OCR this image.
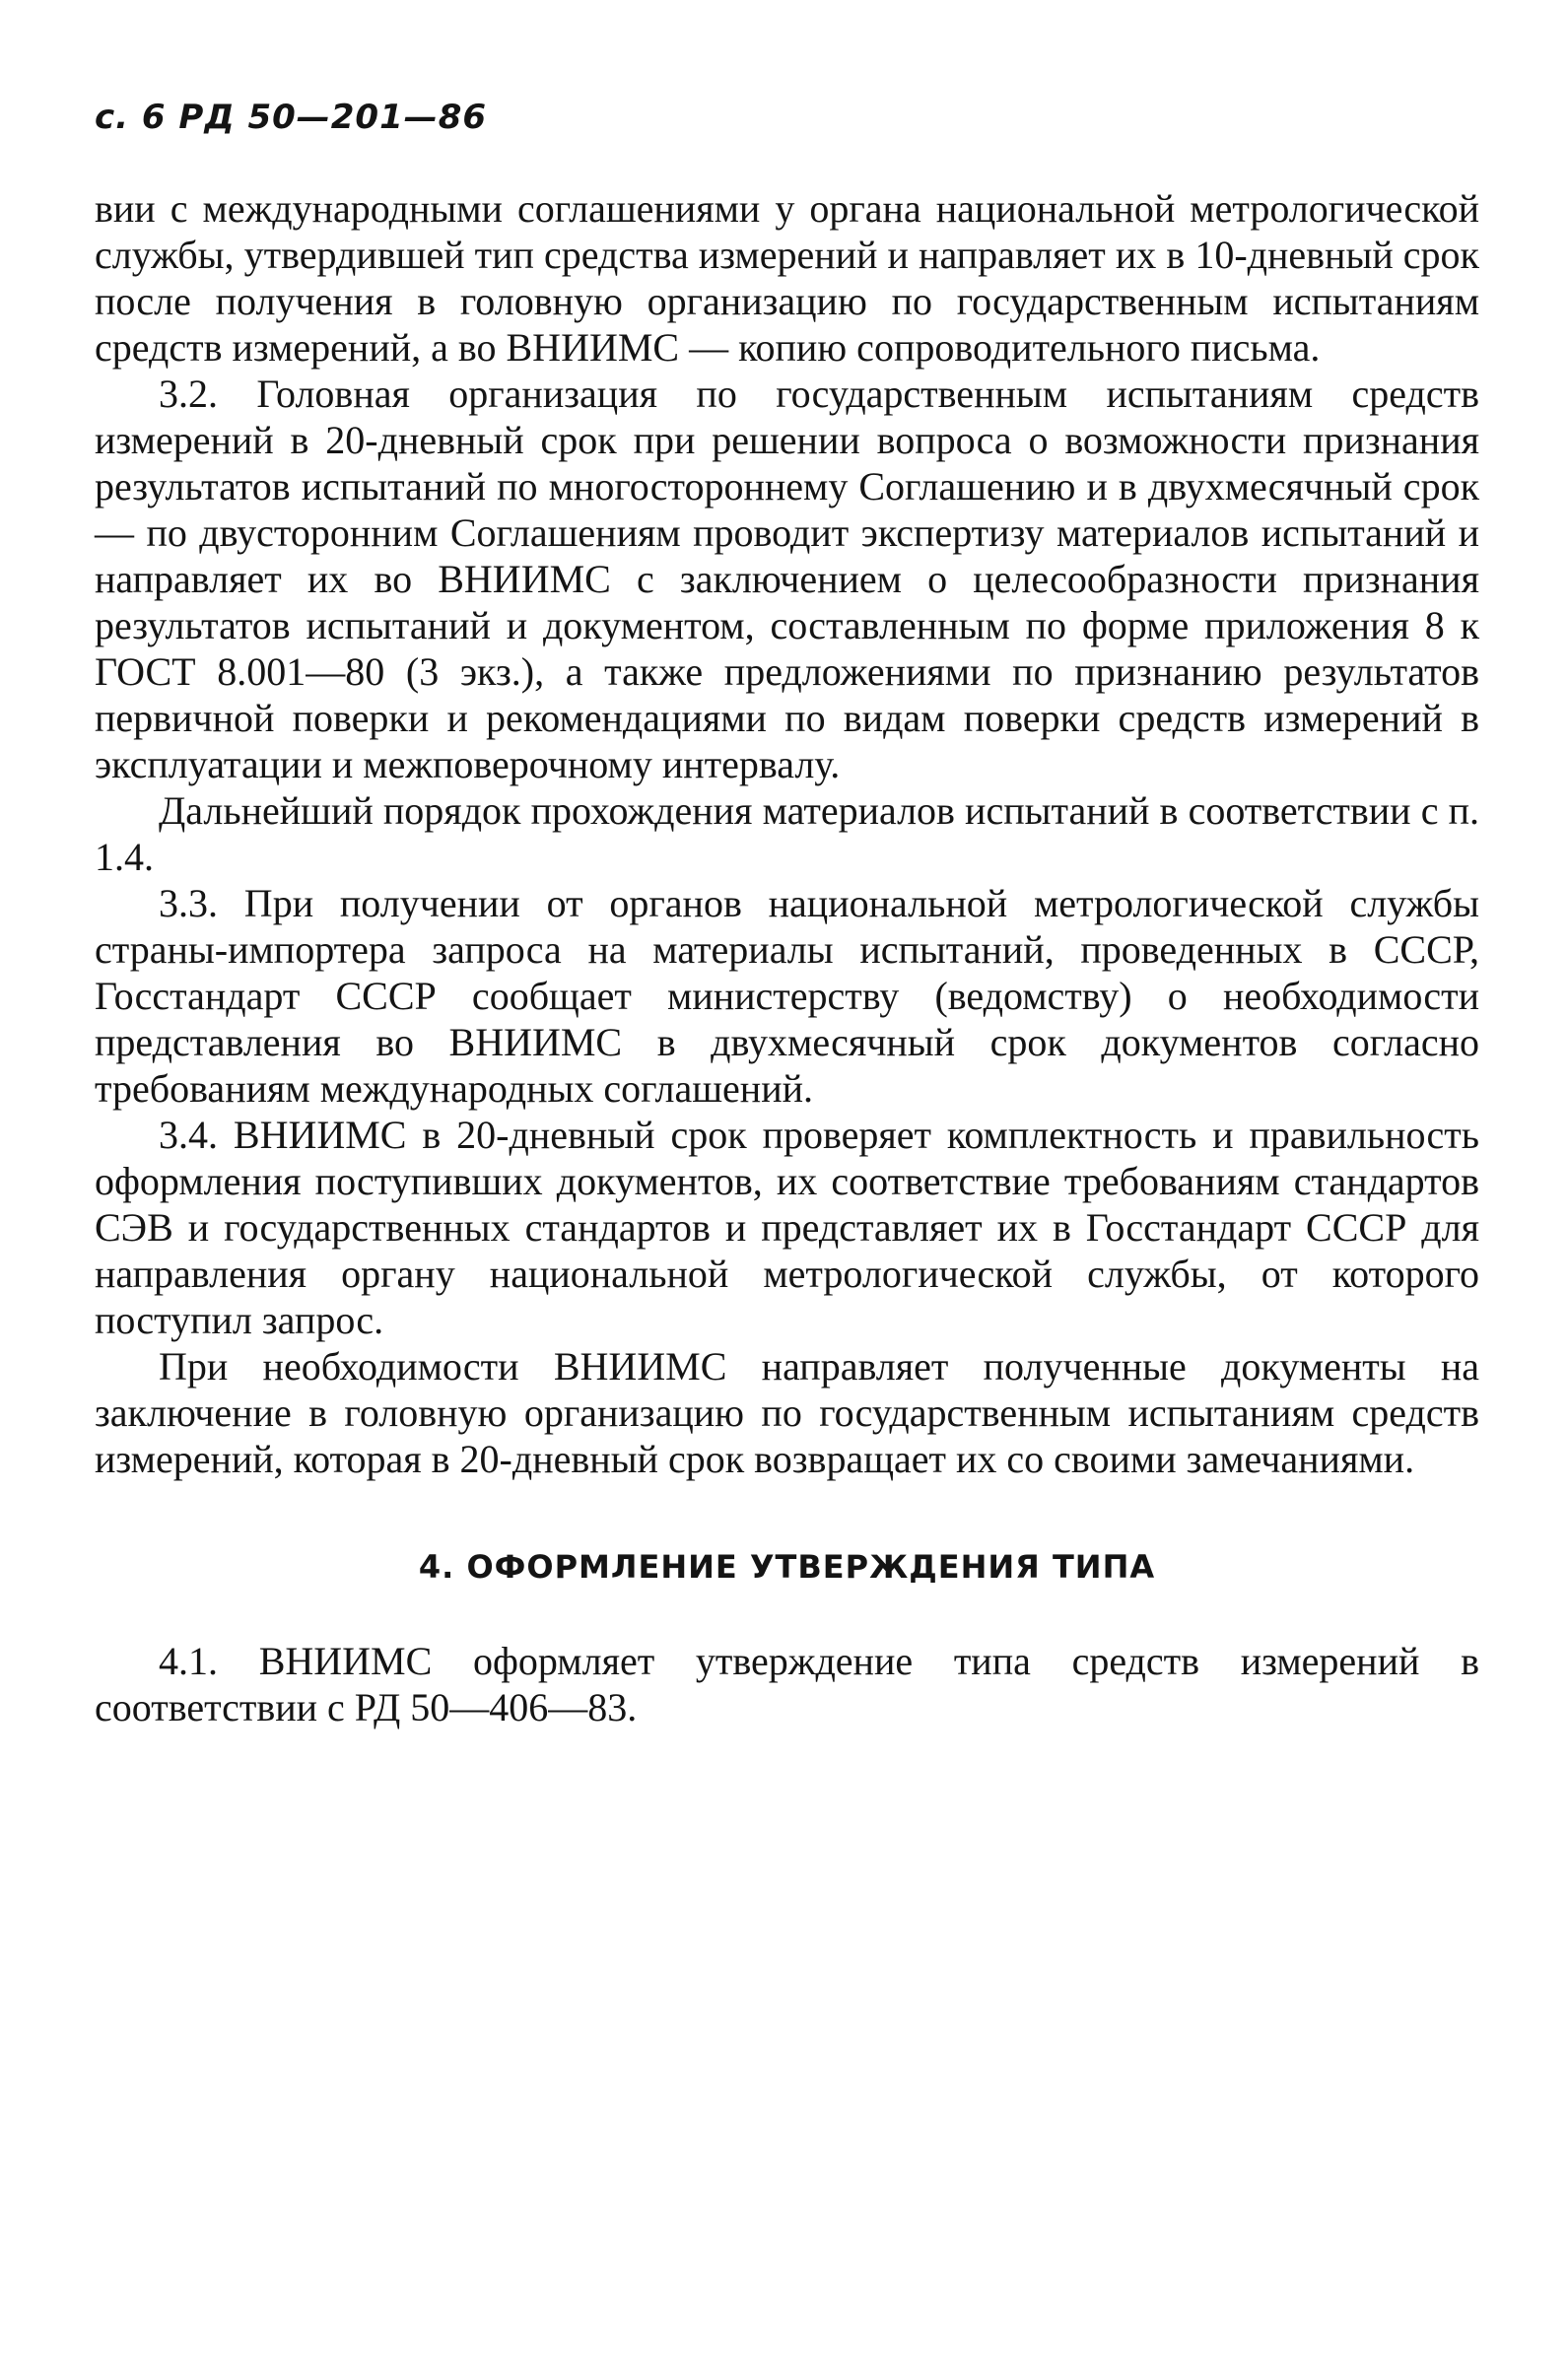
с. 6 РД 50—201—86

вии с международными соглашениями у органа национальной метрологической службы, утвердившей тип средства измерений и направляет их в 10-дневный срок после получения в головную организацию по государственным испытаниям средств измерений, а во ВНИИМС — копию сопроводительного письма.

3.2. Головная организация по государственным испытаниям средств измерений в 20-дневный срок при решении вопроса о возможности признания результатов испытаний по многостороннему Соглашению и в двухмесячный срок — по двусторонним Соглашениям проводит экспертизу материалов испытаний и направляет их во ВНИИМС с заключением о целесообразности признания результатов испытаний и документом, составленным по форме приложения 8 к ГОСТ 8.001—80 (3 экз.), а также предложениями по признанию результатов первичной поверки и рекомендациями по видам поверки средств измерений в эксплуатации и межповерочному интервалу.

Дальнейший порядок прохождения материалов испытаний в соответствии с п. 1.4.

3.3. При получении от органов национальной метрологической службы страны-импортера запроса на материалы испытаний, проведенных в СССР, Госстандарт СССР сообщает министерству (ведомству) о необходимости представления во ВНИИМС в двухмесячный срок документов согласно требованиям международных соглашений.

3.4. ВНИИМС в 20-дневный срок проверяет комплектность и правильность оформления поступивших документов, их соответствие требованиям стандартов СЭВ и государственных стандартов и представляет их в Госстандарт СССР для направления органу национальной метрологической службы, от которого поступил запрос.

При необходимости ВНИИМС направляет полученные документы на заключение в головную организацию по государственным испытаниям средств измерений, которая в 20-дневный срок возвращает их со своими замечаниями.

4. ОФОРМЛЕНИЕ УТВЕРЖДЕНИЯ ТИПА

4.1. ВНИИМС оформляет утверждение типа средств измерений в соответствии с РД 50—406—83.
